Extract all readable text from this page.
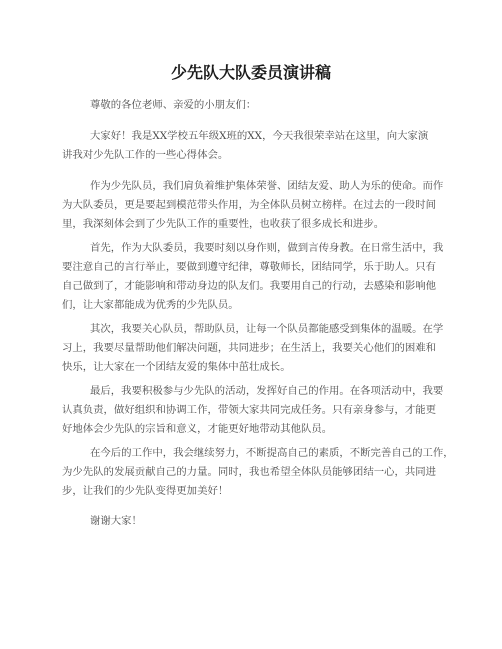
少先队大队委员演讲稿

尊敬的各位老师、亲爱的小朋友们：

大家好！我是XX学校五年级X班的XX，今天我很荣幸站在这里，向大家演

讲我对少先队工作的一些心得体会。

作为少先队员，我们肩负着维护集体荣誉、团结友爱、助人为乐的使命。而作

为大队委员，更是要起到模范带头作用，为全体队员树立榜样。在过去的一段时间

里，我深刻体会到了少先队工作的重要性，也收获了很多成长和进步。

首先，作为大队委员，我要时刻以身作则，做到言传身教。在日常生活中，我

要注意自己的言行举止，要做到遵守纪律，尊敬师长，团结同学，乐于助人。只有

自己做到了，才能影响和带动身边的队友们。我要用自己的行动，去感染和影响他

们，让大家都能成为优秀的少先队员。

其次，我要关心队员，帮助队员，让每一个队员都能感受到集体的温暖。在学

习上，我要尽量帮助他们解决问题，共同进步；在生活上，我要关心他们的困难和

快乐，让大家在一个团结友爱的集体中茁壮成长。

最后，我要积极参与少先队的活动，发挥好自己的作用。在各项活动中，我要

认真负责，做好组织和协调工作，带领大家共同完成任务。只有亲身参与，才能更

好地体会少先队的宗旨和意义，才能更好地带动其他队员。

在今后的工作中，我会继续努力，不断提高自己的素质，不断完善自己的工作，

为少先队的发展贡献自己的力量。同时，我也希望全体队员能够团结一心，共同进

步，让我们的少先队变得更加美好！

谢谢大家！
